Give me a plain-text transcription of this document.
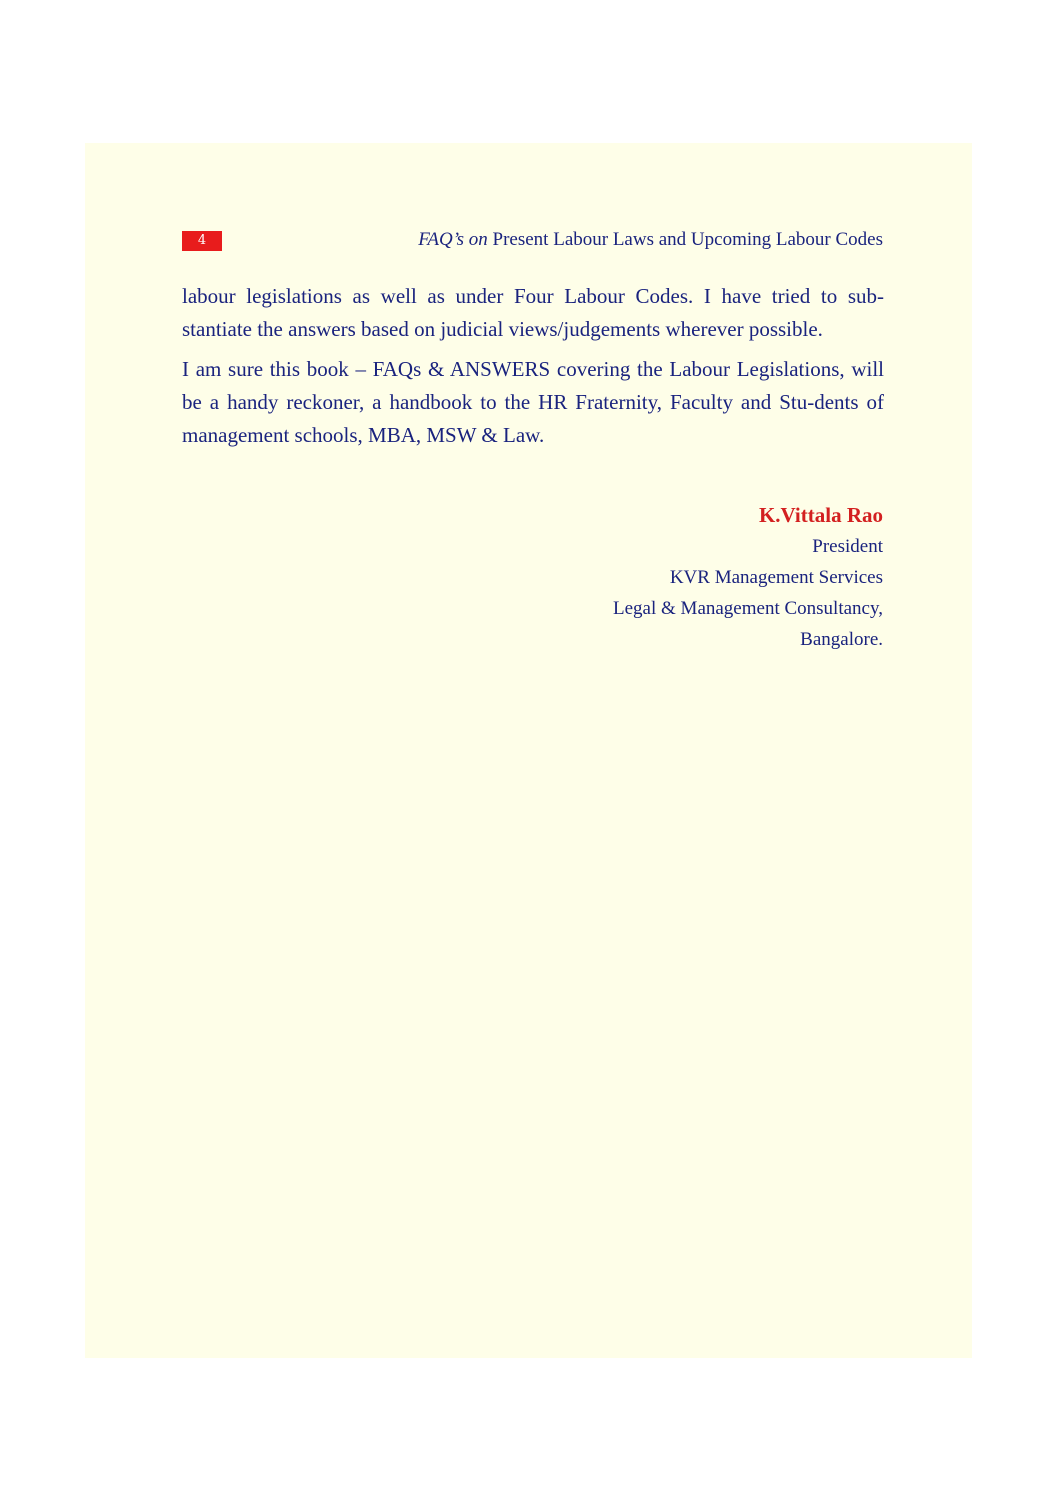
4	FAQ’s on Present Labour Laws and Upcoming Labour Codes

labour legislations as well as under Four Labour Codes. I have tried to sub-stantiate the answers based on judicial views/judgements wherever possible.

I am sure this book – FAQs & ANSWERS covering the Labour Legislations, will be a handy reckoner, a handbook to the HR Fraternity, Faculty and Stu-dents of management schools, MBA, MSW & Law.

K.Vittala Rao
President
KVR Management Services
Legal & Management Consultancy,
Bangalore.
